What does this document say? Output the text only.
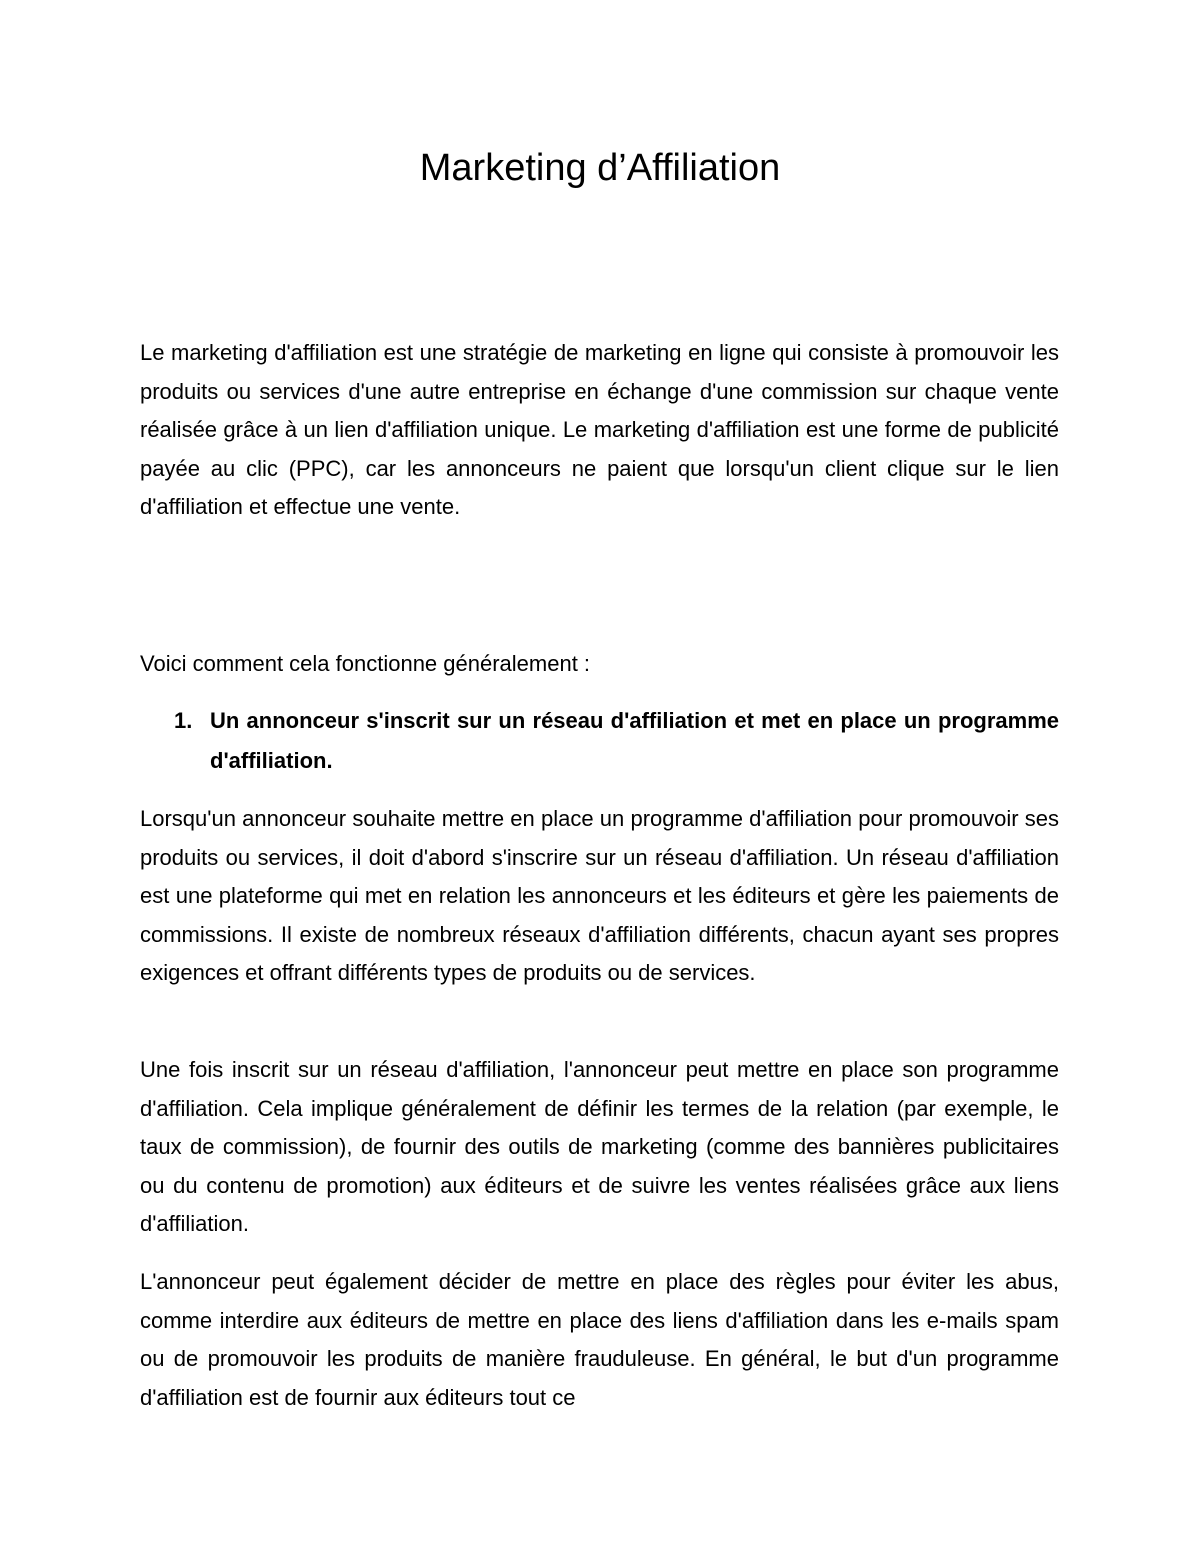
Marketing d’Affiliation

Le marketing d'affiliation est une stratégie de marketing en ligne qui consiste à promouvoir les produits ou services d'une autre entreprise en échange d'une commission sur chaque vente réalisée grâce à un lien d'affiliation unique. Le marketing d'affiliation est une forme de publicité payée au clic (PPC), car les annonceurs ne paient que lorsqu'un client clique sur le lien d'affiliation et effectue une vente.

Voici comment cela fonctionne généralement :

1. Un annonceur s'inscrit sur un réseau d'affiliation et met en place un programme d'affiliation.

Lorsqu'un annonceur souhaite mettre en place un programme d'affiliation pour promouvoir ses produits ou services, il doit d'abord s'inscrire sur un réseau d'affiliation. Un réseau d'affiliation est une plateforme qui met en relation les annonceurs et les éditeurs et gère les paiements de commissions. Il existe de nombreux réseaux d'affiliation différents, chacun ayant ses propres exigences et offrant différents types de produits ou de services.

Une fois inscrit sur un réseau d'affiliation, l'annonceur peut mettre en place son programme d'affiliation. Cela implique généralement de définir les termes de la relation (par exemple, le taux de commission), de fournir des outils de marketing (comme des bannières publicitaires ou du contenu de promotion) aux éditeurs et de suivre les ventes réalisées grâce aux liens d'affiliation.

L'annonceur peut également décider de mettre en place des règles pour éviter les abus, comme interdire aux éditeurs de mettre en place des liens d'affiliation dans les e-mails spam ou de promouvoir les produits de manière frauduleuse. En général, le but d'un programme d'affiliation est de fournir aux éditeurs tout ce
